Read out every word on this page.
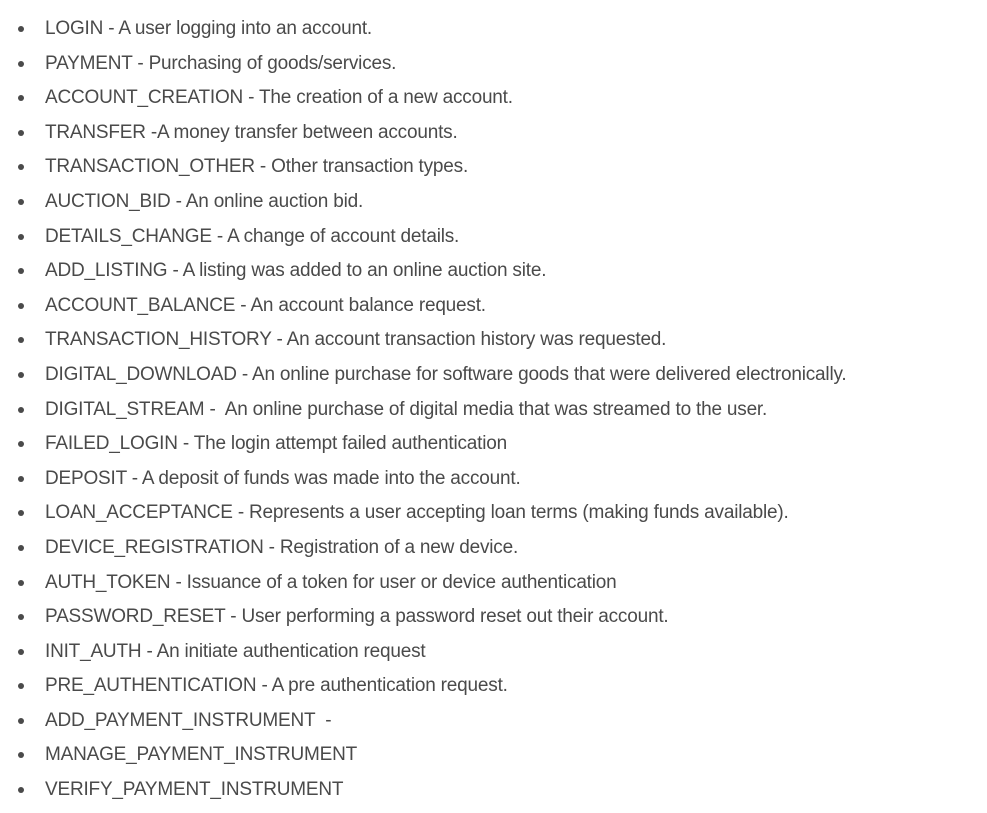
LOGIN - A user logging into an account.
PAYMENT - Purchasing of goods/services.
ACCOUNT_CREATION - The creation of a new account.
TRANSFER -A money transfer between accounts.
TRANSACTION_OTHER - Other transaction types.
AUCTION_BID - An online auction bid.
DETAILS_CHANGE - A change of account details.
ADD_LISTING - A listing was added to an online auction site.
ACCOUNT_BALANCE - An account balance request.
TRANSACTION_HISTORY - An account transaction history was requested.
DIGITAL_DOWNLOAD - An online purchase for software goods that were delivered electronically.
DIGITAL_STREAM -  An online purchase of digital media that was streamed to the user.
FAILED_LOGIN - The login attempt failed authentication
DEPOSIT - A deposit of funds was made into the account.
LOAN_ACCEPTANCE - Represents a user accepting loan terms (making funds available).
DEVICE_REGISTRATION - Registration of a new device.
AUTH_TOKEN - Issuance of a token for user or device authentication
PASSWORD_RESET - User performing a password reset out their account.
INIT_AUTH - An initiate authentication request
PRE_AUTHENTICATION - A pre authentication request.
ADD_PAYMENT_INSTRUMENT  -
MANAGE_PAYMENT_INSTRUMENT
VERIFY_PAYMENT_INSTRUMENT
